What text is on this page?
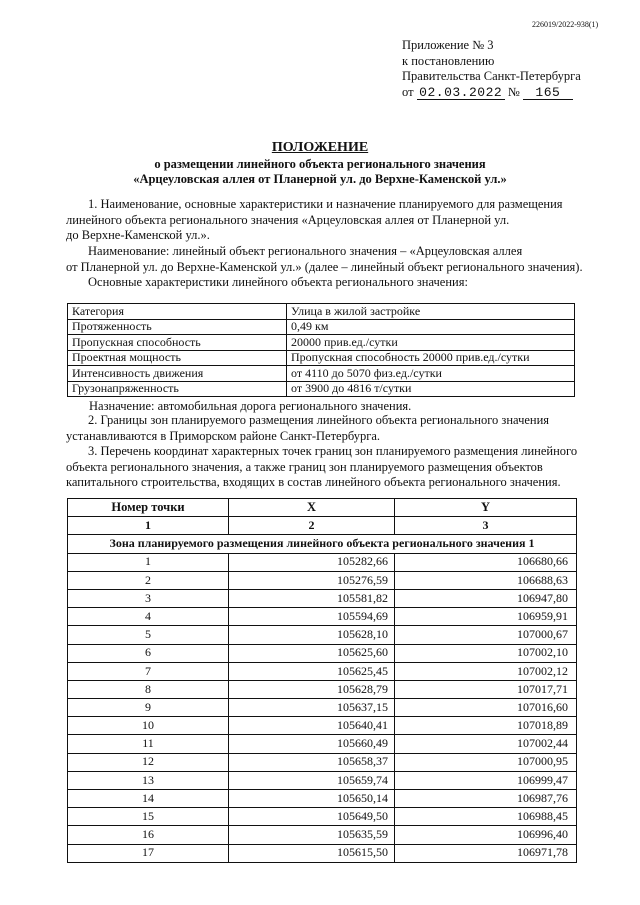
226019/2022-938(1)
Приложение № 3
к постановлению
Правительства Санкт-Петербурга
от 02.03.2022 № 165
ПОЛОЖЕНИЕ
о размещении линейного объекта регионального значения
«Арцеуловская аллея от Планерной ул. до Верхне-Каменской ул.»
1. Наименование, основные характеристики и назначение планируемого для размещения
линейного объекта регионального значения «Арцеуловская аллея от Планерной ул.
до Верхне-Каменской ул.».
Наименование: линейный объект регионального значения – «Арцеуловская аллея
от Планерной ул. до Верхне-Каменской ул.» (далее – линейный объект регионального значения).
Основные характеристики линейного объекта регионального значения:
Категория	Улица в жилой застройке
Протяженность	0,49 км
Пропускная способность	20000 прив.ед./сутки
Проектная мощность	Пропускная способность 20000 прив.ед./сутки
Интенсивность движения	от 4110 до 5070 физ.ед./сутки
Грузонапряженность	от 3900 до 4816 т/сутки
Назначение: автомобильная дорога регионального значения.
2. Границы зон планируемого размещения линейного объекта регионального значения
устанавливаются в Приморском районе Санкт-Петербурга.
3. Перечень координат характерных точек границ зон планируемого размещения линейного
объекта регионального значения, а также границ зон планируемого размещения объектов
капитального строительства, входящих в состав линейного объекта регионального значения.
Номер точки	X	Y
1	2	3
Зона планируемого размещения линейного объекта регионального значения 1		
1	105282,66	106680,66
2	105276,59	106688,63
3	105581,82	106947,80
4	105594,69	106959,91
5	105628,10	107000,67
6	105625,60	107002,10
7	105625,45	107002,12
8	105628,79	107017,71
9	105637,15	107016,60
10	105640,41	107018,89
11	105660,49	107002,44
12	105658,37	107000,95
13	105659,74	106999,47
14	105650,14	106987,76
15	105649,50	106988,45
16	105635,59	106996,40
17	105615,50	106971,78
